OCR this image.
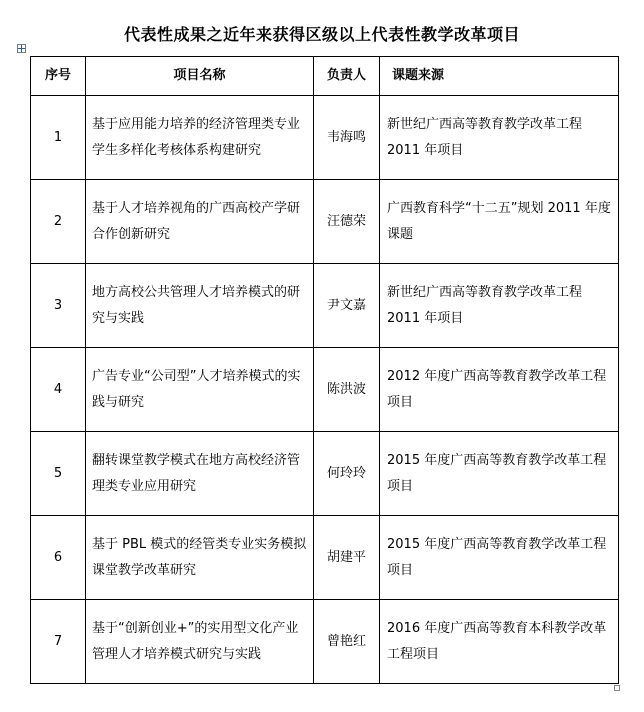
代表性成果之近年来获得区级以上代表性教学改革项目
序号	项目名称	负责人	课题来源
1	基于应用能力培养的经济管理类专业学生多样化考核体系构建研究	韦海鸣	新世纪广西高等教育教学改革工程 2011 年项目
2	基于人才培养视角的广西高校产学研合作创新研究	汪德荣	广西教育科学“十二五”规划 2011 年度课题
3	地方高校公共管理人才培养模式的研究与实践	尹文嘉	新世纪广西高等教育教学改革工程 2011 年项目
4	广告专业“公司型”人才培养模式的实践与研究	陈洪波	2012 年度广西高等教育教学改革工程项目
5	翻转课堂教学模式在地方高校经济管理类专业应用研究	何玲玲	2015 年度广西高等教育教学改革工程项目
6	基于 PBL 模式的经管类专业实务模拟课堂教学改革研究	胡建平	2015 年度广西高等教育教学改革工程项目
7	基于“创新创业+”的实用型文化产业管理人才培养模式研究与实践	曾艳红	2016 年度广西高等教育本科教学改革工程项目
